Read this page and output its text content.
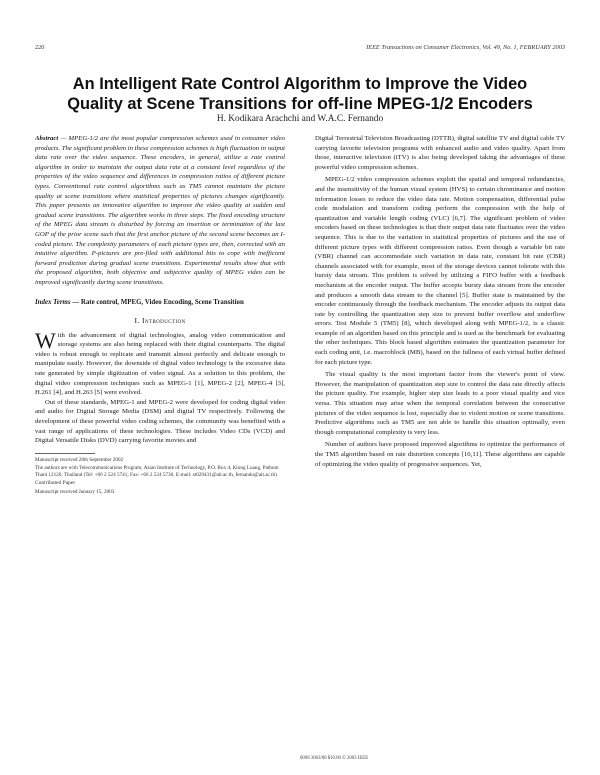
220	IEEE Transactions on Consumer Electronics, Vol. 49, No. 1, FEBRUARY 2003
An Intelligent Rate Control Algorithm to Improve the Video
Quality at Scene Transitions for off-line MPEG-1/2 Encoders
H. Kodikara Arachchi and W.A.C. Fernando

Abstract — MPEG-1/2 are the most popular compression schemes used in consumer video products. The significant problem in these compression schemes is high fluctuation in output data rate over the video sequence. These encoders, in general, utilize a rate control algorithm in order to maintain the output data rate at a constant level regardless of the properties of the video sequence and differences in compression ratios of different picture types. Conventional rate control algorithms such as TM5 cannot maintain the picture quality at scene transitions where statistical properties of pictures changes significantly. This paper presents an innovative algorithm to improve the video quality at sudden and gradual scene transitions. The algorithm works in three steps. The fixed encoding structure of the MPEG data stream is disturbed by forcing an insertion or termination of the last GOP of the prior scene such that the first anchor picture of the second scene becomes an I-coded picture. The complexity parameters of each picture types are, then, corrected with an intuitive algorithm. P-pictures are pre-filed with additional bits to cope with inefficient forward prediction during gradual scene transitions. Experimental results show that with the proposed algorithm, both objective and subjective quality of MPEG video can be improved significantly during scene transitions.

Index Terms — Rate control, MPEG, Video Encoding, Scene Transition

I. Introduction

With the advancement of digital technologies, analog video communication and storage systems are also being replaced with their digital counterparts. The digital video is robust enough to replicate and transmit almost perfectly and delicate enough to manipulate easily. However, the downside of digital video technology is the excessive data rate generated by simple digitization of video signal. As a solution to this problem, the digital video compression techniques such as MPEG-1 [1], MPEG-2 [2], MPEG-4 [3], H.261 [4], and H.263 [5] were evolved.

Out of these standards, MPEG-1 and MPEG-2 were developed for coding digital video and audio for Digital Storage Media (DSM) and digital TV respectively. Following the development of these powerful video coding schemes, the community was benefited with a vast range of applications of these technologies. These includes Video CDs (VCD) and Digital Versatile Disks (DVD) carrying favorite movies and

Manuscript received 28th September 2002
The authors are with Telecommunications Program, Asian Institute of Technology, P.O. Box 4, Klong Luang, Pathum Thani 12120, Thailand (Tel: +66 2 524 5741, Fax: +66 2 524 5730, E-mail: st029431@ait.ac.th, fernando@ait.ac.th)
Contributed Paper
Manuscript received January 15, 2003

Digital Terrestrial Television Broadcasting (DTTB), digital satellite TV and digital cable TV carrying favorite television programs with enhanced audio and video quality. Apart from those, interactive television (iTV) is also being developed taking the advantages of these powerful video compression schemes.

MPEG-1/2 video compression schemes exploit the spatial and temporal redundancies, and the insensitivity of the human visual system (HVS) to certain chrominance and motion information losses to reduce the video data rate. Motion compensation, differential pulse code modulation and transform coding perform the compression with the help of quantization and variable length coding (VLC) [6,7]. The significant problem of video encoders based on these technologies is that their output data rate fluctuates over the video sequence. This is due to the variation in statistical properties of pictures and the use of different picture types with different compression ratios. Even though a variable bit rate (VBR) channel can accommodate such variation in data rate, constant bit rate (CBR) channels associated with for example, most of the storage devices cannot tolerate with this bursty data stream. This problem is solved by utilizing a FIFO buffer with a feedback mechanism at the encoder output. The buffer accepts bursty data stream from the encoder and produces a smooth data stream to the channel [5]. Buffer state is maintained by the encoder continuously through the feedback mechanism. The encoder adjusts its output data rate by controlling the quantization step size to prevent buffer overflow and underflow errors. Test Module 5 (TM5) [8], which developed along with MPEG-1/2, is a classic example of an algorithm based on this principle and is used as the benchmark for evaluating the other techniques. This block based algorithm estimates the quantization parameter for each coding unit, i.e. macroblock (MB), based on the fullness of each virtual buffer defined for each picture type.

The visual quality is the most important factor from the viewer's point of view. However, the manipulation of quantization step size to control the data rate directly affects the picture quality. For example, higher step size leads to a poor visual quality and vice versa. This situation may arise when the temporal correlation between the consecutive pictures of the video sequence is lost, especially due to violent motion or scene transitions. Predictive algorithms such as TM5 are not able to handle this situation optimally, even though computational complexity is very less.

Number of authors have proposed improved algorithms to optimize the performance of the TM5 algorithm based on rate distortion concepts [10,11]. These algorithms are capable of optimizing the video quality of progressive sequences. Yet,

0098 3063/00 $10.00 © 2003 IEEE
